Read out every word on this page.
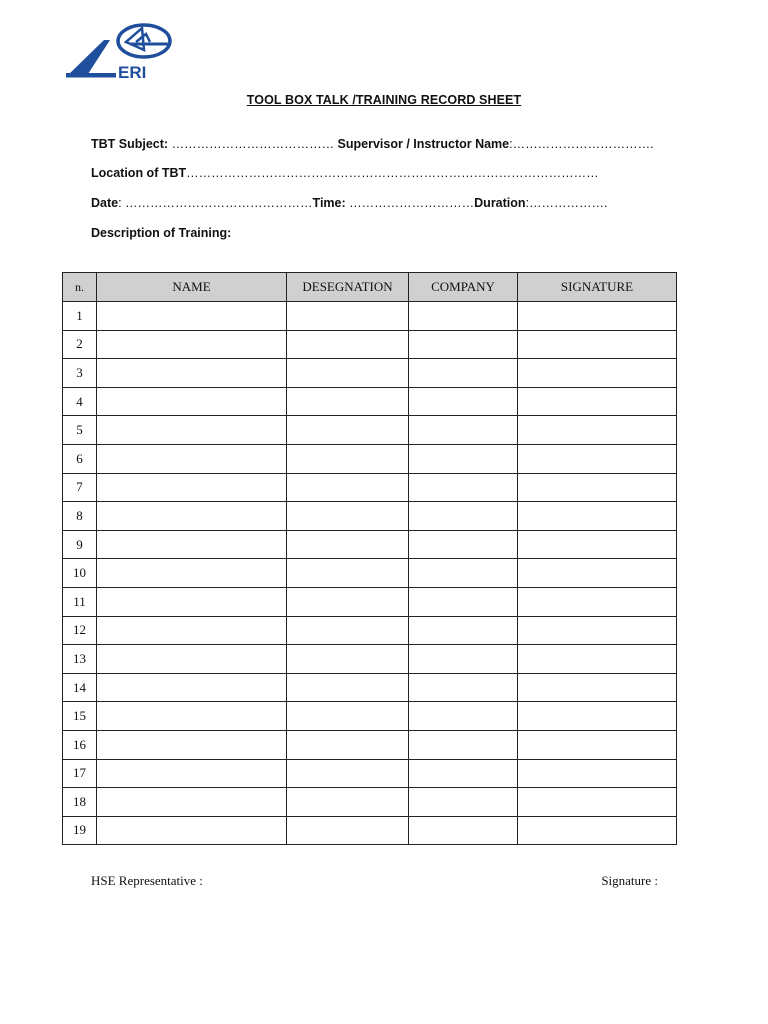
ERI
TOOL BOX TALK /TRAINING RECORD SHEET
TBT Subject: ………………………………… Supervisor / Instructor Name:…………………………….
Location of TBT………………………………………………………………………………………
Date: ………………………………………Time: …………………………Duration:……………….
Description of Training:
n.	NAME	DESEGNATION	COMPANY	SIGNATURE
1				
2				
3				
4				
5				
6				
7				
8				
9				
10				
11				
12				
13				
14				
15				
16				
17				
18				
19				
HSE Representative :	Signature :
